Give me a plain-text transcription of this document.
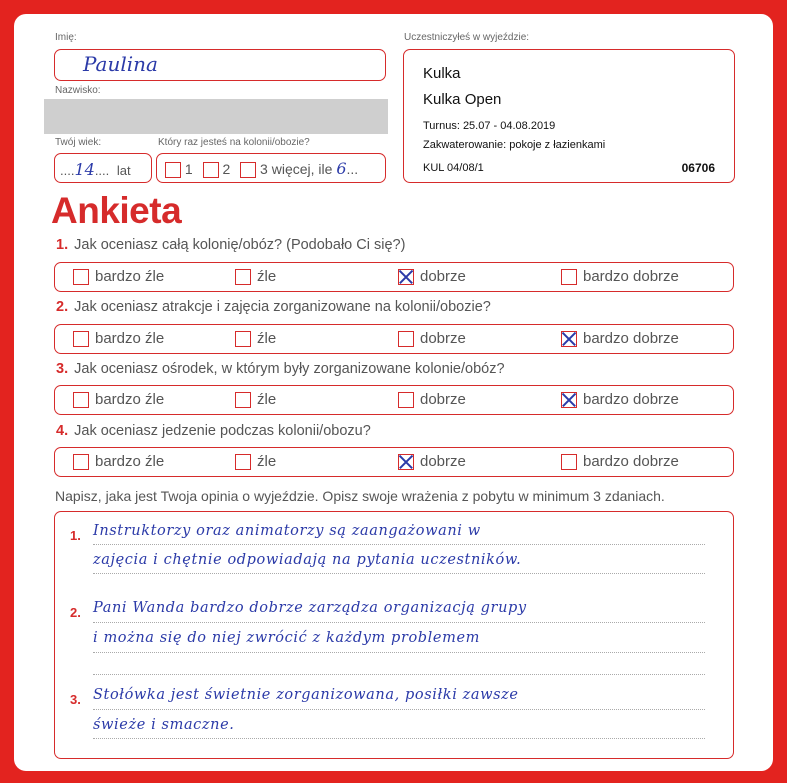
Imię:
Paulina
Nazwisko:
Twój wiek:
....14.... lat
Który raz jesteś na kolonii/obozie?
1 2 3 więcej, ile 6...
Uczestniczyłeś w wyjeździe:
Kulka
Kulka Open
Turnus: 25.07 - 04.08.2019
Zakwaterowanie: pokoje z łazienkami
KUL 04/08/1	06706
Ankieta
1. Jak oceniasz całą kolonię/obóz? (Podobało Ci się?)
bardzo źle	źle	dobrze	bardzo dobrze
2. Jak oceniasz atrakcje i zajęcia zorganizowane na kolonii/obozie?
bardzo źle	źle	dobrze	bardzo dobrze
3. Jak oceniasz ośrodek, w którym były zorganizowane kolonie/obóz?
bardzo źle	źle	dobrze	bardzo dobrze
4. Jak oceniasz jedzenie podczas kolonii/obozu?
bardzo źle	źle	dobrze	bardzo dobrze
Napisz, jaka jest Twoja opinia o wyjeździe. Opisz swoje wrażenia z pobytu w minimum 3 zdaniach.
1. Instruktorzy oraz animatorzy są zaangażowani w
zajęcia i chętnie odpowiadają na pytania uczestników.
2. Pani Wanda bardzo dobrze zarządza organizacją grupy
i można się do niej zwrócić z każdym problemem
3. Stołówka jest świetnie zorganizowana, posiłki zawsze
świeże i smaczne.
